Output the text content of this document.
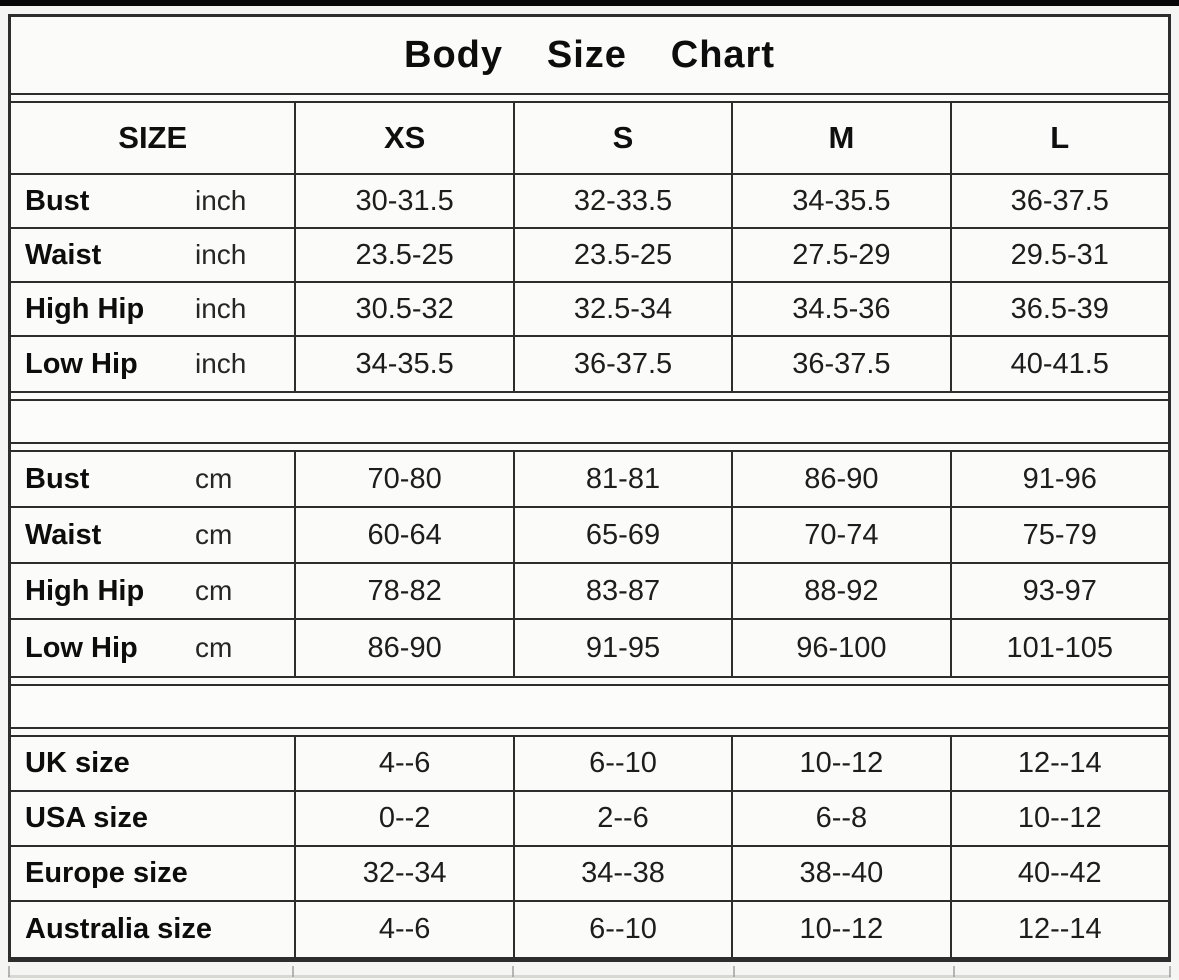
Body Size Chart
SIZE	XS	S	M	L
Bust	inch	30-31.5	32-33.5	34-35.5	36-37.5
Waist	inch	23.5-25	23.5-25	27.5-29	29.5-31
High Hip	inch	30.5-32	32.5-34	34.5-36	36.5-39
Low Hip	inch	34-35.5	36-37.5	36-37.5	40-41.5
Bust	cm	70-80	81-81	86-90	91-96
Waist	cm	60-64	65-69	70-74	75-79
High Hip	cm	78-82	83-87	88-92	93-97
Low Hip	cm	86-90	91-95	96-100	101-105
UK size	4--6	6--10	10--12	12--14
USA size	0--2	2--6	6--8	10--12
Europe size	32--34	34--38	38--40	40--42
Australia size	4--6	6--10	10--12	12--14
